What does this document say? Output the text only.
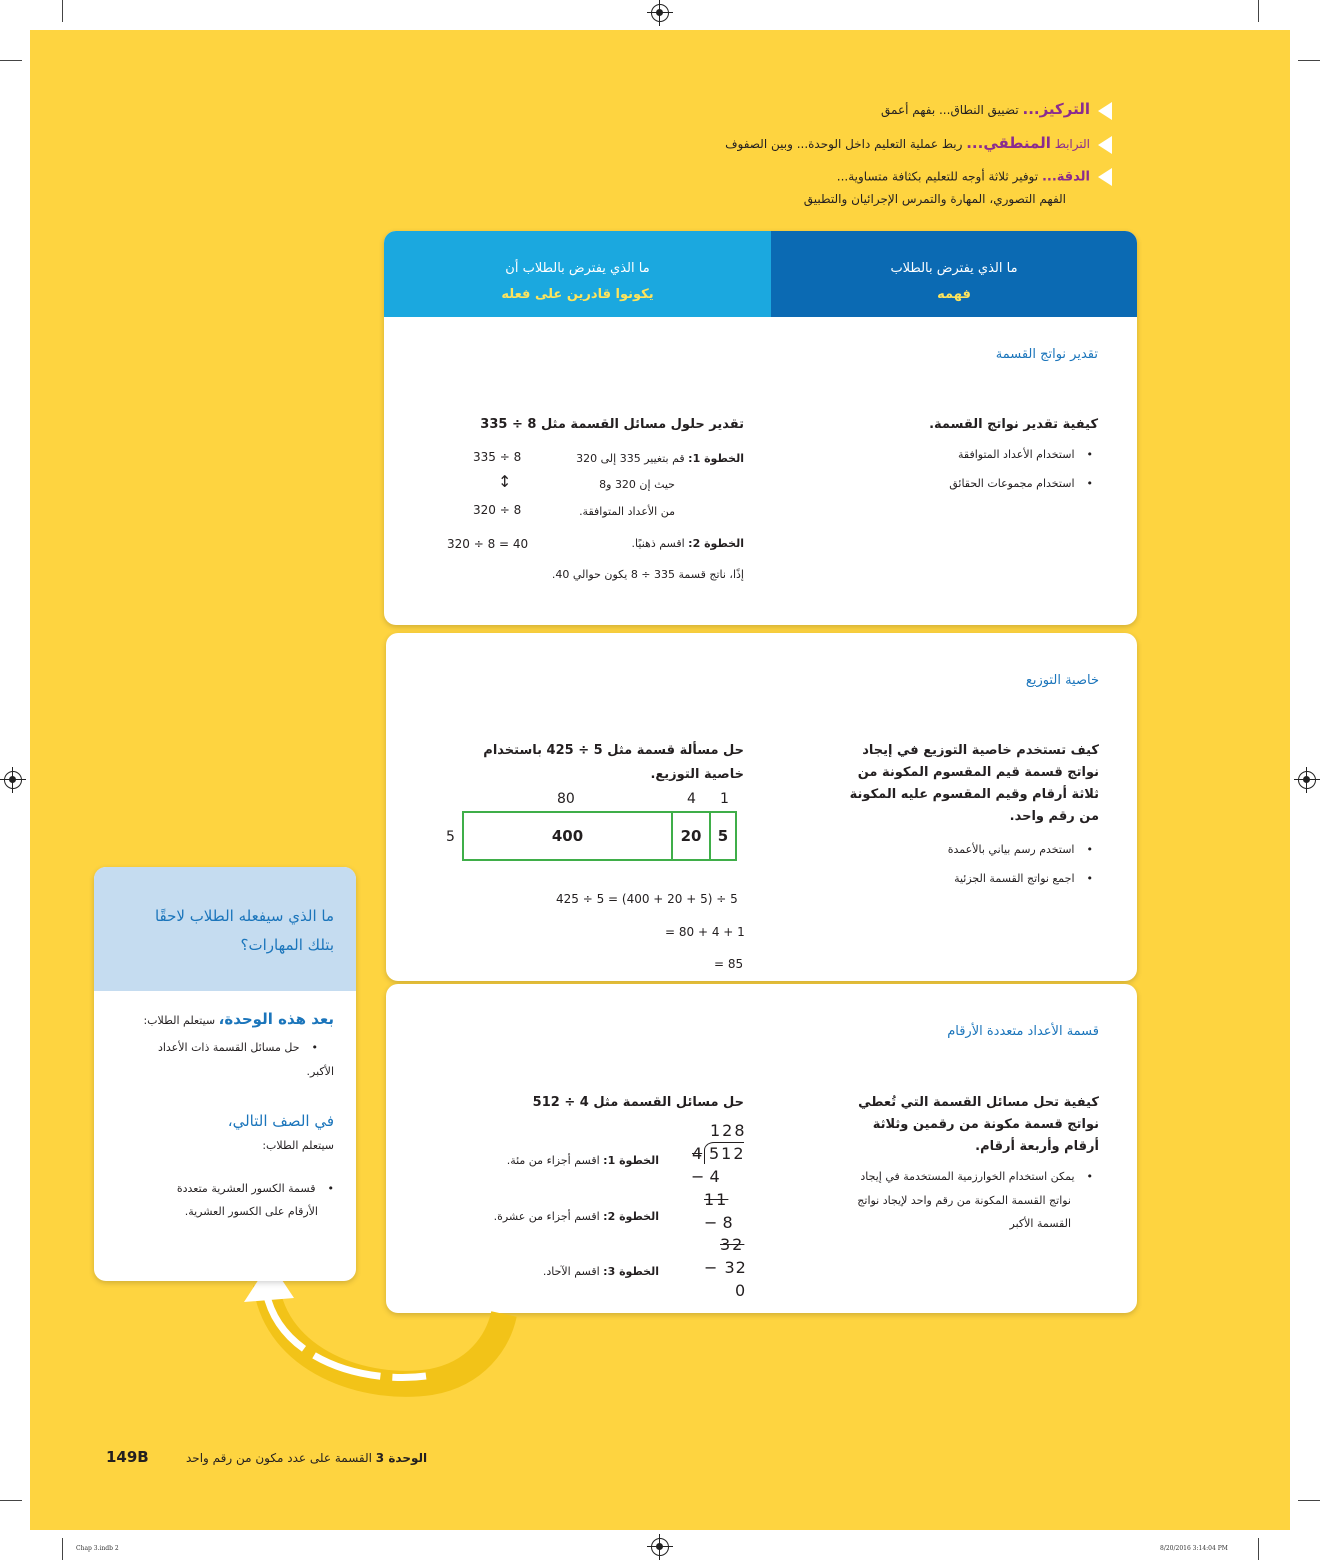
التركيز... تضييق النطاق... بفهم أعمق
الترابط المنطقي... ربط عملية التعليم داخل الوحدة... وبين الصفوف
الدقة... توفير ثلاثة أوجه للتعليم بكثافة متساوية...
الفهم التصوري، المهارة والتمرس الإجرائيان والتطبيق
ما الذي يفترض بالطلاب أن
يكونوا قادرين على فعله
ما الذي يفترض بالطلاب
فهمه
تقدير نواتج القسمة
كيفية تقدير نواتج القسمة.
• استخدام الأعداد المتوافقة
• استخدام مجموعات الحقائق
تقدير حلول مسائل القسمة مثل 8 ÷ 335
الخطوة 1: قم بتغيير 335 إلى 320
حيث إن 320 و8
من الأعداد المتوافقة.
335 ÷ 8
↕
320 ÷ 8
الخطوة 2: اقسم ذهنيًا.
320 ÷ 8 = 40
إذًا، ناتج قسمة 335 ÷ 8 يكون حوالي 40.
خاصية التوزيع
كيف تستخدم خاصية التوزيع في إيجاد نواتج قسمة قيم المقسوم المكونة من ثلاثة أرقام وقيم المقسوم عليه المكونة من رقم واحد.
• استخدم رسم بياني بالأعمدة
• اجمع نواتج القسمة الجزئية
حل مسألة قسمة مثل 5 ÷ 425 باستخدام
خاصية التوزيع.
80	4 1
5	400	20	5
425 ÷ 5 = (400 + 20 + 5) ÷ 5
= 80 + 4 + 1
= 85
قسمة الأعداد متعددة الأرقام
كيفية تحل مسائل القسمة التي تُعطي نواتج قسمة مكونة من رقمين وثلاثة أرقام وأربعة أرقام.
• يمكن استخدام الخوارزمية المستخدمة في إيجاد
نواتج القسمة المكونة من رقم واحد لإيجاد نواتج
القسمة الأكبر
حل مسائل القسمة مثل 4 ÷ 512
الخطوة 1: اقسم أجزاء من مئة.
الخطوة 2: اقسم أجزاء من عشرة.
الخطوة 3: اقسم الآحاد.
128
4 512
− 4
11
− 8
32
− 32
0
ما الذي سيفعله الطلاب لاحقًا
بتلك المهارات؟
بعد هذه الوحدة، سيتعلم الطلاب:
• حل مسائل القسمة ذات الأعداد
الأكبر.
في الصف التالي،
سيتعلم الطلاب:
• قسمة الكسور العشرية متعددة
الأرقام على الكسور العشرية.
149B	الوحدة 3 القسمة على عدد مكون من رقم واحد
Chap 3.indb 2	8/20/2016 3:14:04 PM
